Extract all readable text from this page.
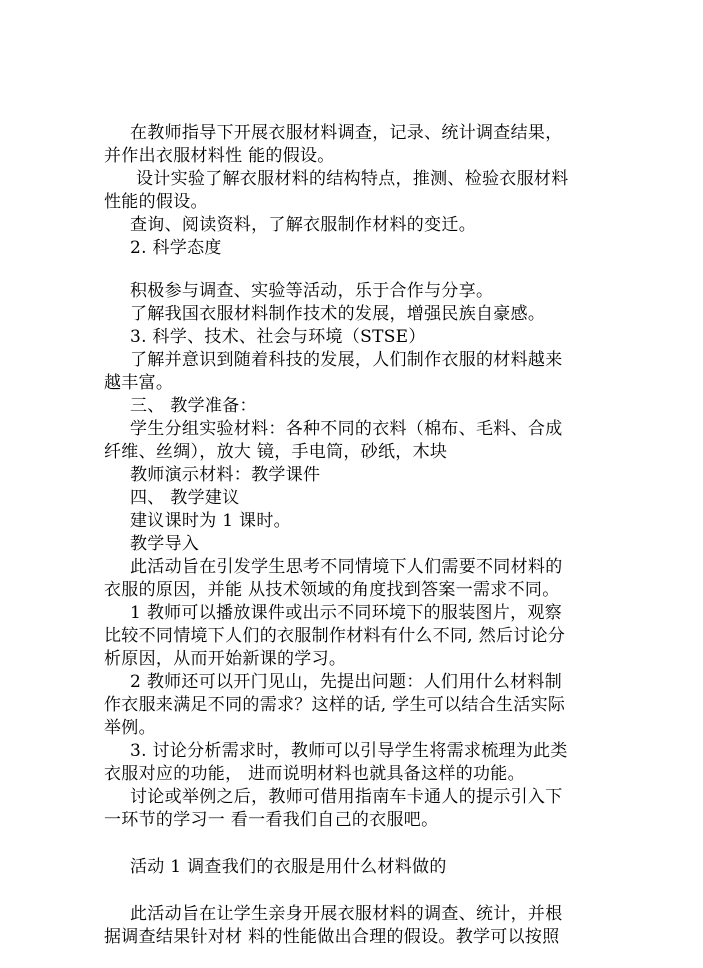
在教师指导下开展衣服材料调查，记录、统计调查结果，
并作出衣服材料性 能的假设。
设计实验了解衣服材料的结构特点，推测、检验衣服材料
性能的假设。
查询、阅读资料，了解衣服制作材料的变迁。
2. 科学态度
积极参与调查、实验等活动，乐于合作与分享。
了解我国衣服材料制作技术的发展，增强民族自豪感。
3. 科学、技术、社会与环境（STSE）
了解并意识到随着科技的发展，人们制作衣服的材料越来
越丰富。
三、 教学准备：
学生分组实验材料：各种不同的衣料（棉布、毛料、合成
纤维、丝绸），放大 镜，手电筒，砂纸，木块
教师演示材料：教学课件
四、 教学建议
建议课时为 1 课时。
教学导入
此活动旨在引发学生思考不同情境下人们需要不同材料的
衣服的原因，并能 从技术领域的角度找到答案一需求不同。
1 教师可以播放课件或出示不同环境下的服装图片，观察
比较不同情境下人们的衣服制作材料有什么不同, 然后讨论分
析原因，从而开始新课的学习。
2 教师还可以开门见山，先提出问题：人们用什么材料制
作衣服来满足不同的需求？这样的话, 学生可以结合生活实际
举例。
3. 讨论分析需求时，教师可以引导学生将需求梳理为此类
衣服对应的功能， 进而说明材料也就具备这样的功能。
讨论或举例之后，教师可借用指南车卡通人的提示引入下
一环节的学习一 看一看我们自己的衣服吧。
活动 1 调查我们的衣服是用什么材料做的
此活动旨在让学生亲身开展衣服材料的调查、统计，并根
据调查结果针对材 料的性能做出合理的假设。教学可以按照
